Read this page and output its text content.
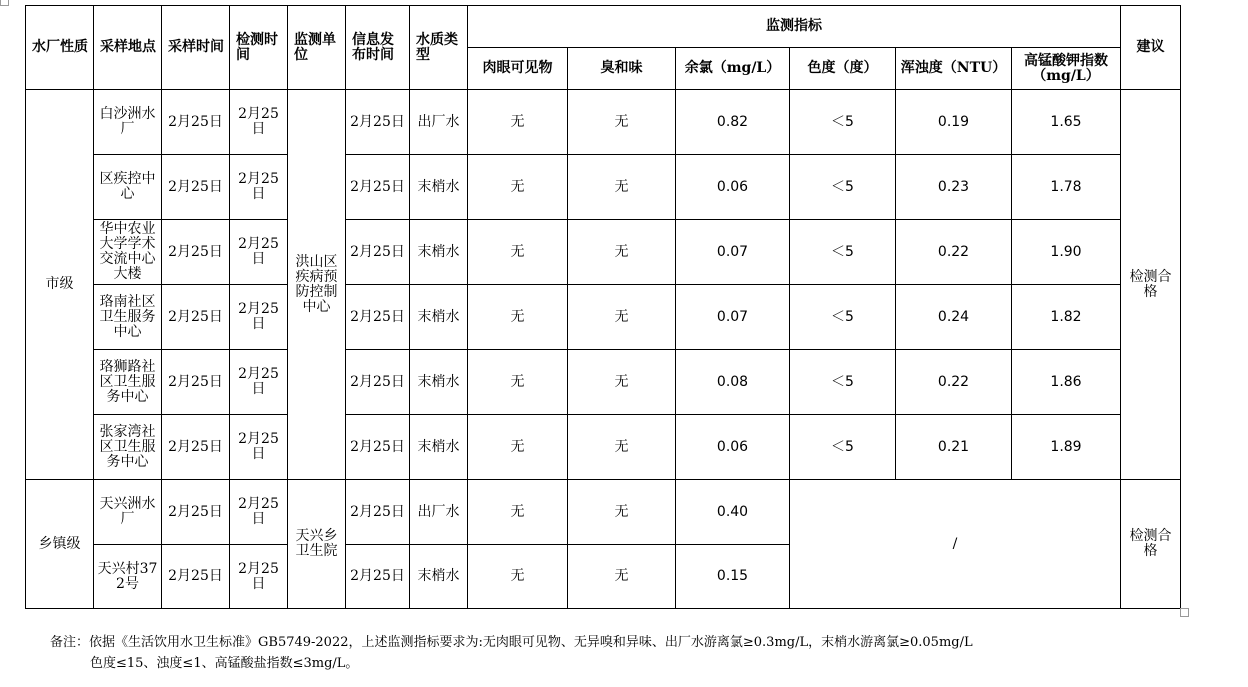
水厂性质	采样地点	采样时间	检测时间	监测单位	信息发布时间	水质类型	监测指标						建议
							肉眼可见物	臭和味	余氯（mg/L）	色度（度）	浑浊度（NTU）	高锰酸钾指数（mg/L）	
市级	白沙洲水厂	2月25日	2月25日	洪山区疾病预防控制中心	2月25日	出厂水	无	无	0.82	＜5	0.19	1.65	检测合格
	区疾控中心	2月25日	2月25日		2月25日	末梢水	无	无	0.06	＜5	0.23	1.78	
	华中农业大学学术交流中心大楼	2月25日	2月25日		2月25日	末梢水	无	无	0.07	＜5	0.22	1.90	
	珞南社区卫生服务中心	2月25日	2月25日		2月25日	末梢水	无	无	0.07	＜5	0.24	1.82	
	珞狮路社区卫生服务中心	2月25日	2月25日		2月25日	末梢水	无	无	0.08	＜5	0.22	1.86	
	张家湾社区卫生服务中心	2月25日	2月25日		2月25日	末梢水	无	无	0.06	＜5	0.21	1.89	
乡镇级	天兴洲水厂	2月25日	2月25日	天兴乡卫生院	2月25日	出厂水	无	无	0.40	/			检测合格
	天兴村372号	2月25日	2月25日		2月25日	末梢水	无	无	0.15				
备注：依据《生活饮用水卫生标准》GB5749-2022，上述监测指标要求为:无肉眼可见物、无异嗅和异味、出厂水游离氯≥0.3mg/L，末梢水游离氯≥0.05mg/L
色度≤15、浊度≤1、高锰酸盐指数≤3mg/L。
